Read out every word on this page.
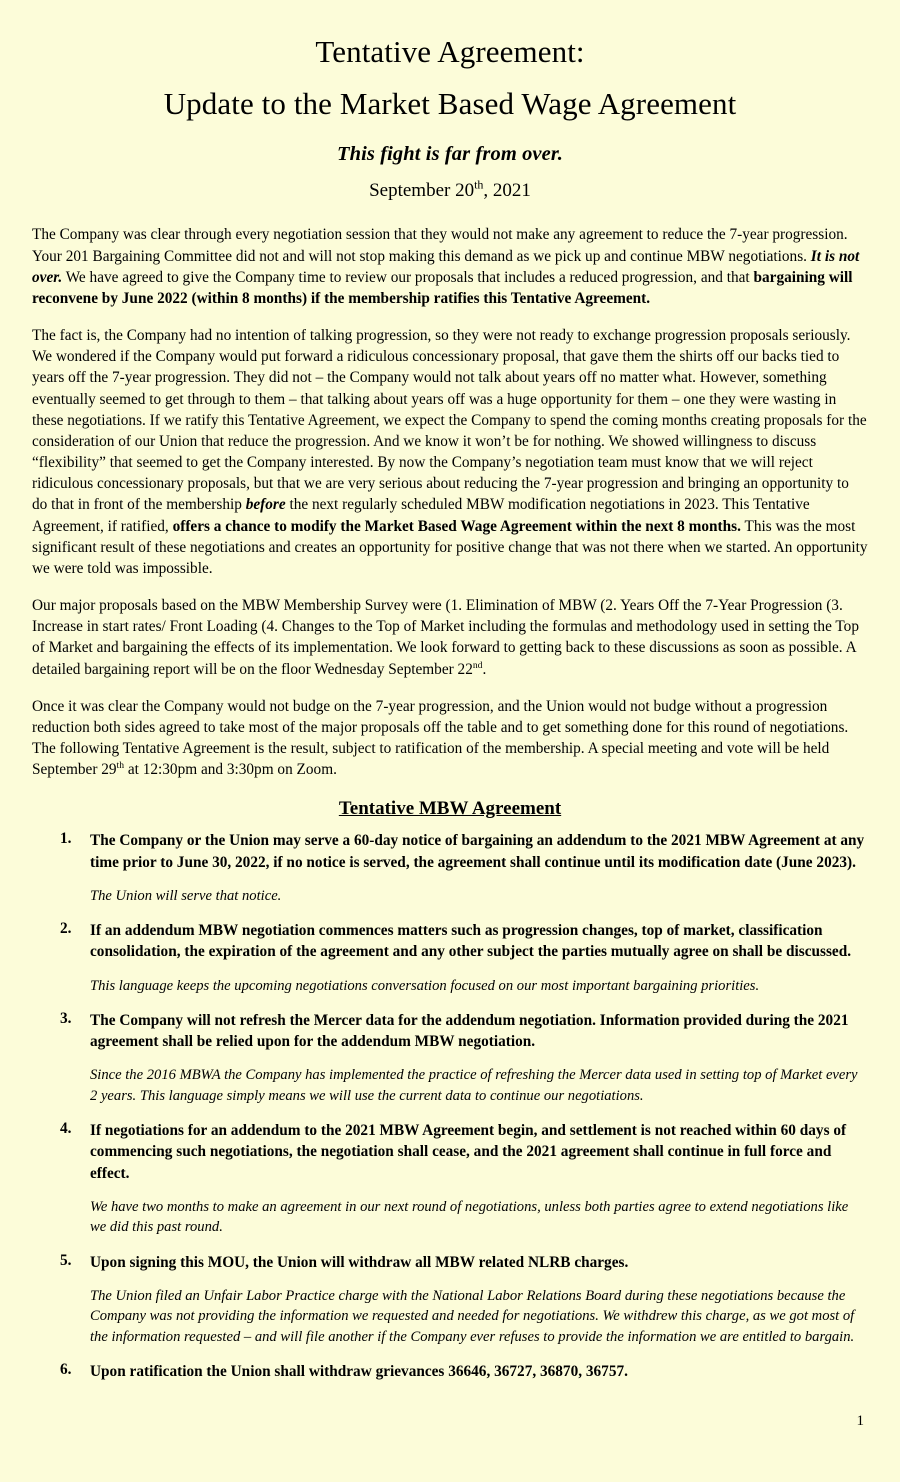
Tentative Agreement:
Update to the Market Based Wage Agreement
This fight is far from over.
September 20th, 2021

The Company was clear through every negotiation session that they would not make any agreement to reduce the 7-year progression. Your 201 Bargaining Committee did not and will not stop making this demand as we pick up and continue MBW negotiations. It is not over. We have agreed to give the Company time to review our proposals that includes a reduced progression, and that bargaining will reconvene by June 2022 (within 8 months) if the membership ratifies this Tentative Agreement.

The fact is, the Company had no intention of talking progression, so they were not ready to exchange progression proposals seriously. We wondered if the Company would put forward a ridiculous concessionary proposal, that gave them the shirts off our backs tied to years off the 7-year progression. They did not – the Company would not talk about years off no matter what. However, something eventually seemed to get through to them – that talking about years off was a huge opportunity for them – one they were wasting in these negotiations. If we ratify this Tentative Agreement, we expect the Company to spend the coming months creating proposals for the consideration of our Union that reduce the progression. And we know it won’t be for nothing. We showed willingness to discuss “flexibility” that seemed to get the Company interested. By now the Company’s negotiation team must know that we will reject ridiculous concessionary proposals, but that we are very serious about reducing the 7-year progression and bringing an opportunity to do that in front of the membership before the next regularly scheduled MBW modification negotiations in 2023. This Tentative Agreement, if ratified, offers a chance to modify the Market Based Wage Agreement within the next 8 months. This was the most significant result of these negotiations and creates an opportunity for positive change that was not there when we started. An opportunity we were told was impossible.

Our major proposals based on the MBW Membership Survey were (1. Elimination of MBW (2. Years Off the 7-Year Progression (3. Increase in start rates/ Front Loading (4. Changes to the Top of Market including the formulas and methodology used in setting the Top of Market and bargaining the effects of its implementation. We look forward to getting back to these discussions as soon as possible. A detailed bargaining report will be on the floor Wednesday September 22nd.

Once it was clear the Company would not budge on the 7-year progression, and the Union would not budge without a progression reduction both sides agreed to take most of the major proposals off the table and to get something done for this round of negotiations. The following Tentative Agreement is the result, subject to ratification of the membership. A special meeting and vote will be held September 29th at 12:30pm and 3:30pm on Zoom.

Tentative MBW Agreement
1.	The Company or the Union may serve a 60-day notice of bargaining an addendum to the 2021 MBW Agreement at any time prior to June 30, 2022, if no notice is served, the agreement shall continue until its modification date (June 2023).
The Union will serve that notice.
2.	If an addendum MBW negotiation commences matters such as progression changes, top of market, classification consolidation, the expiration of the agreement and any other subject the parties mutually agree on shall be discussed.
This language keeps the upcoming negotiations conversation focused on our most important bargaining priorities.
3.	The Company will not refresh the Mercer data for the addendum negotiation. Information provided during the 2021 agreement shall be relied upon for the addendum MBW negotiation.
Since the 2016 MBWA the Company has implemented the practice of refreshing the Mercer data used in setting top of Market every 2 years. This language simply means we will use the current data to continue our negotiations.
4.	If negotiations for an addendum to the 2021 MBW Agreement begin, and settlement is not reached within 60 days of commencing such negotiations, the negotiation shall cease, and the 2021 agreement shall continue in full force and effect.
We have two months to make an agreement in our next round of negotiations, unless both parties agree to extend negotiations like we did this past round.
5.	Upon signing this MOU, the Union will withdraw all MBW related NLRB charges.
The Union filed an Unfair Labor Practice charge with the National Labor Relations Board during these negotiations because the Company was not providing the information we requested and needed for negotiations. We withdrew this charge, as we got most of the information requested – and will file another if the Company ever refuses to provide the information we are entitled to bargain.
6.	Upon ratification the Union shall withdraw grievances 36646, 36727, 36870, 36757.
1
